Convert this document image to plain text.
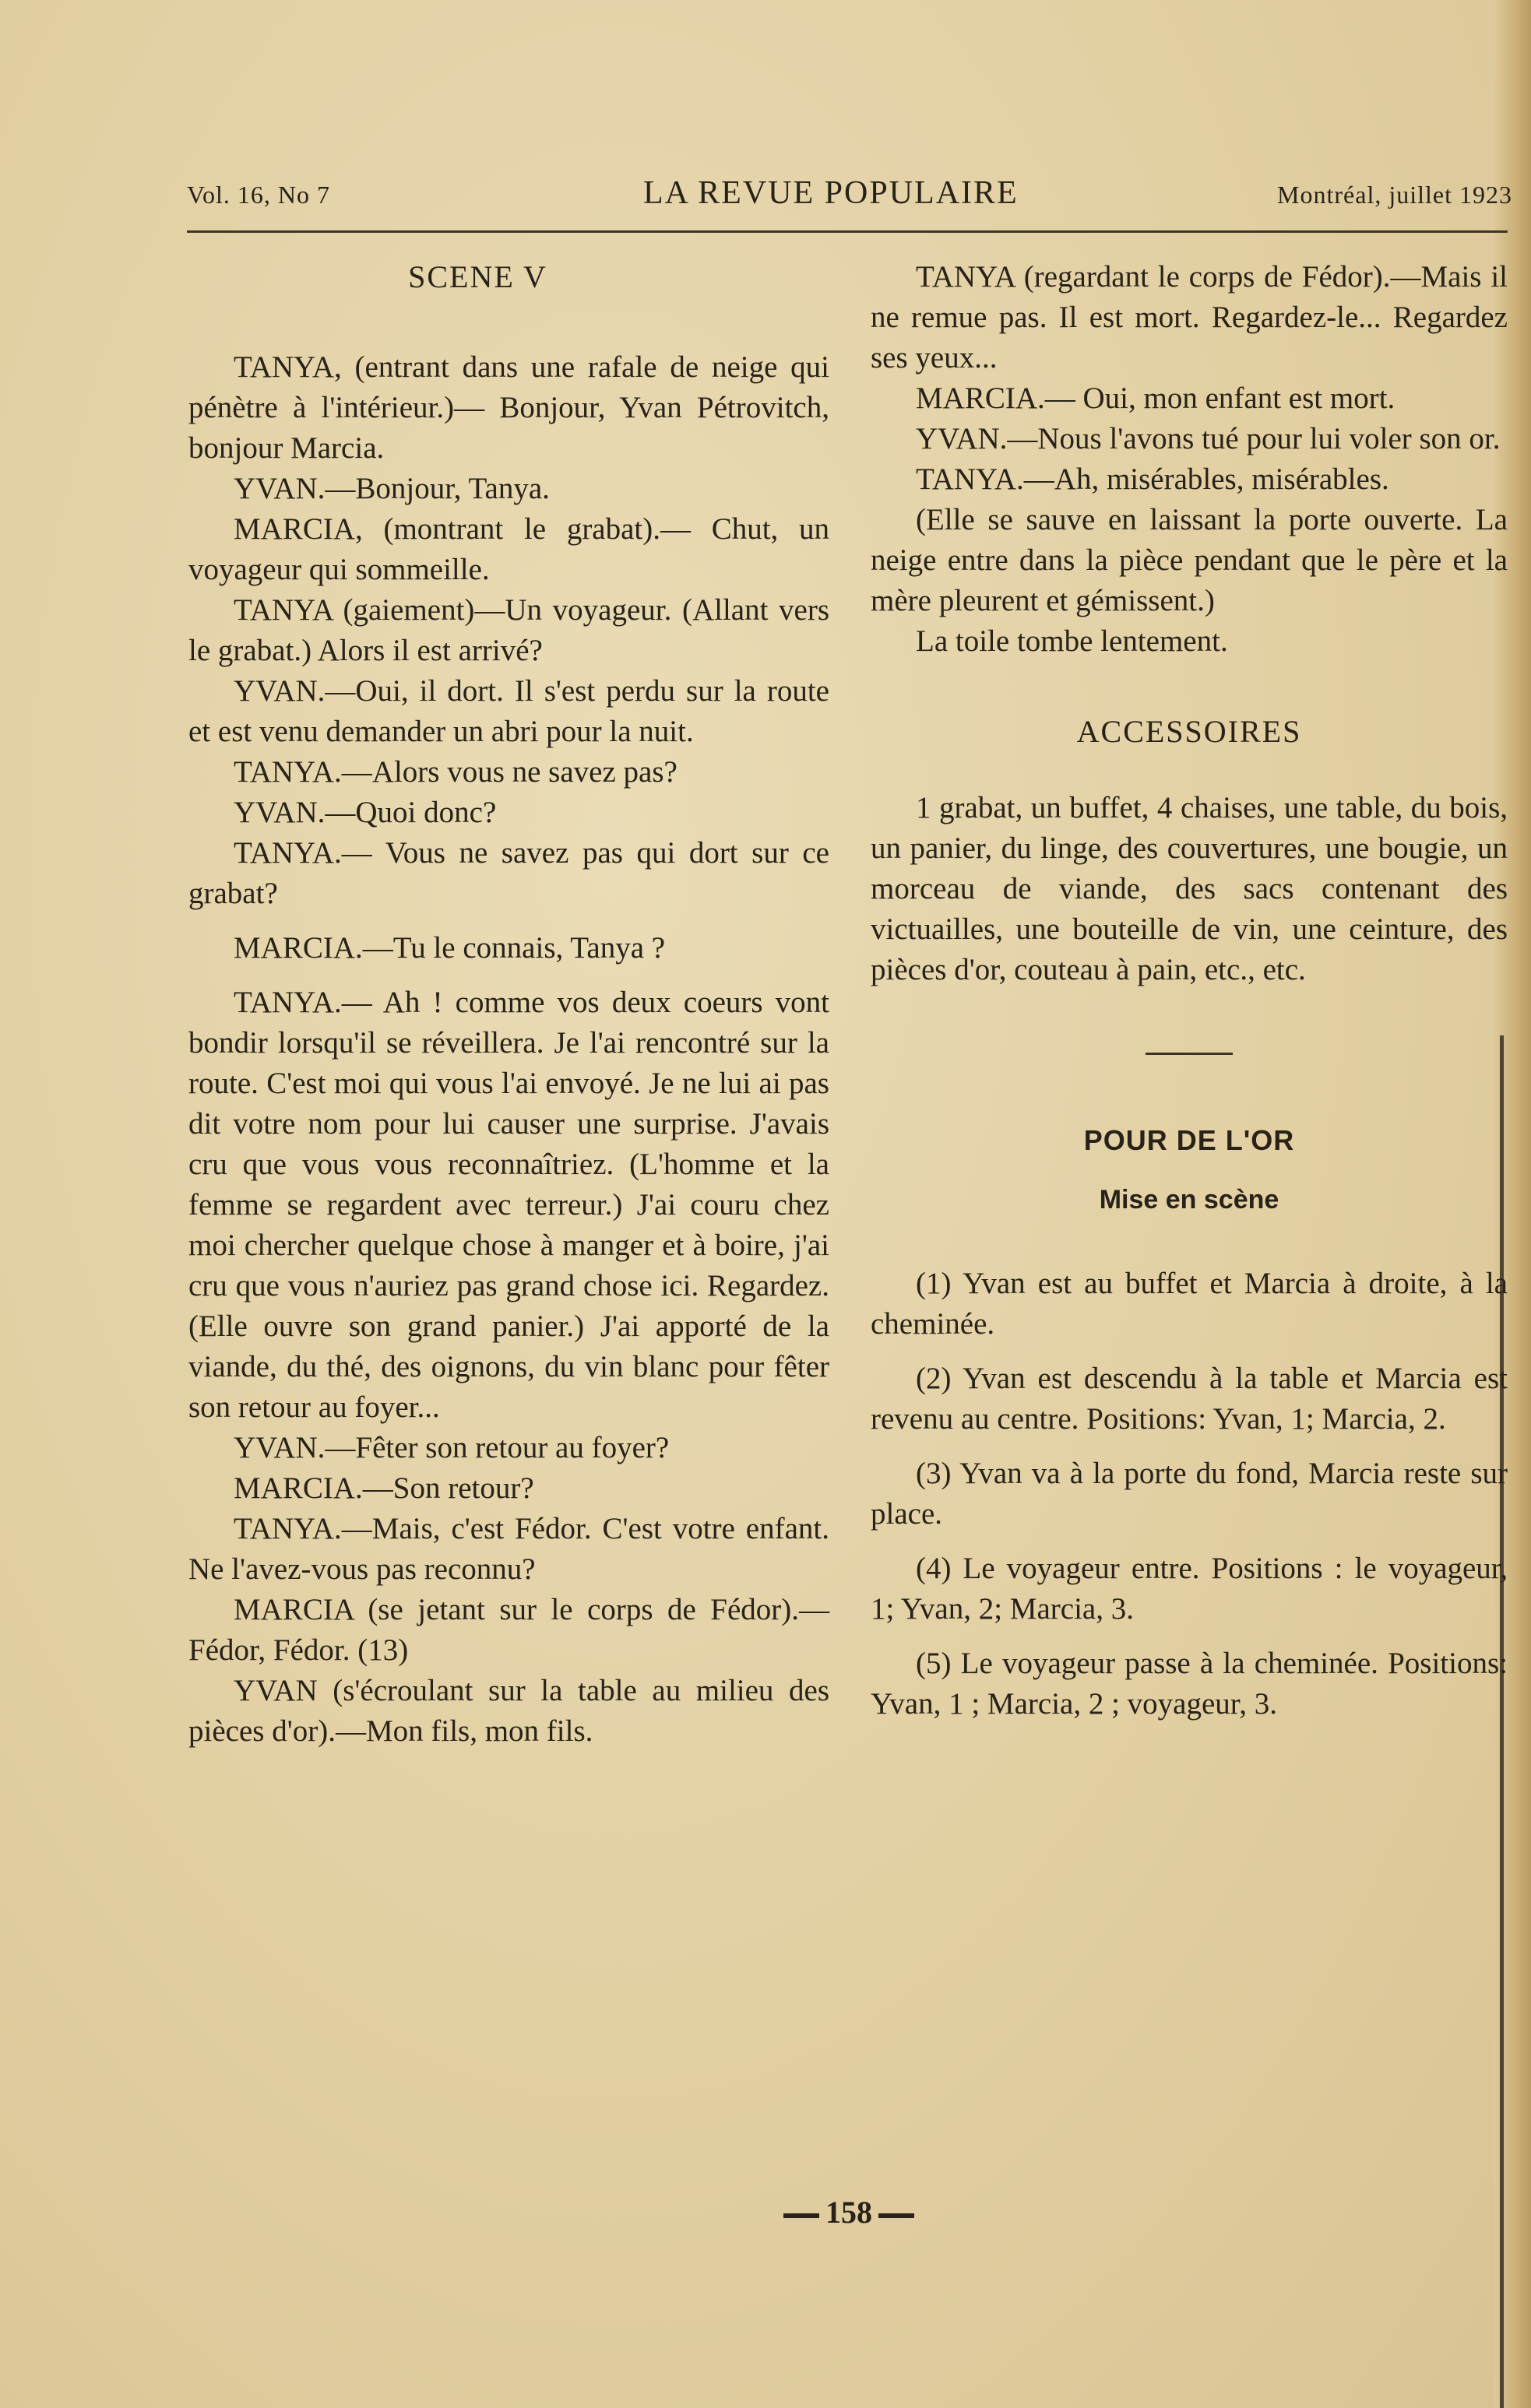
Vol. 16, No 7	LA REVUE POPULAIRE	Montréal, juillet 1923
SCENE V

TANYA, (entrant dans une rafale de neige qui pénètre à l'intérieur.)— Bonjour, Yvan Pétrovitch, bonjour Marcia.

YVAN.—Bonjour, Tanya.

MARCIA, (montrant le grabat).— Chut, un voyageur qui sommeille.

TANYA (gaiement)—Un voyageur. (Allant vers le grabat.) Alors il est arrivé?

YVAN.—Oui, il dort. Il s'est perdu sur la route et est venu demander un abri pour la nuit.

TANYA.—Alors vous ne savez pas?

YVAN.—Quoi donc?

TANYA.— Vous ne savez pas qui dort sur ce grabat?

MARCIA.—Tu le connais, Tanya ?

TANYA.— Ah ! comme vos deux coeurs vont bondir lorsqu'il se réveillera. Je l'ai rencontré sur la route. C'est moi qui vous l'ai envoyé. Je ne lui ai pas dit votre nom pour lui causer une surprise. J'avais cru que vous vous reconnaîtriez. (L'homme et la femme se regardent avec terreur.) J'ai couru chez moi chercher quelque chose à manger et à boire, j'ai cru que vous n'auriez pas grand chose ici. Regardez. (Elle ouvre son grand panier.) J'ai apporté de la viande, du thé, des oignons, du vin blanc pour fêter son retour au foyer...

YVAN.—Fêter son retour au foyer?

MARCIA.—Son retour?

TANYA.—Mais, c'est Fédor. C'est votre enfant. Ne l'avez-vous pas reconnu?

MARCIA (se jetant sur le corps de Fédor).—Fédor, Fédor. (13)

YVAN (s'écroulant sur la table au milieu des pièces d'or).—Mon fils, mon fils.

TANYA (regardant le corps de Fédor).—Mais il ne remue pas. Il est mort. Regardez-le... Regardez ses yeux...

MARCIA.— Oui, mon enfant est mort.

YVAN.—Nous l'avons tué pour lui voler son or.

TANYA.—Ah, misérables, misérables.

(Elle se sauve en laissant la porte ouverte. La neige entre dans la pièce pendant que le père et la mère pleurent et gémissent.)

La toile tombe lentement.

ACCESSOIRES

1 grabat, un buffet, 4 chaises, une table, du bois, un panier, du linge, des couvertures, une bougie, un morceau de viande, des sacs contenant des victuailles, une bouteille de vin, une ceinture, des pièces d'or, couteau à pain, etc., etc.

POUR DE L'OR
Mise en scène

(1) Yvan est au buffet et Marcia à droite, à la cheminée.

(2) Yvan est descendu à la table et Marcia est revenu au centre. Positions: Yvan, 1; Marcia, 2.

(3) Yvan va à la porte du fond, Marcia reste sur place.

(4) Le voyageur entre. Positions : le voyageur, 1; Yvan, 2; Marcia, 3.

(5) Le voyageur passe à la cheminée. Positions: Yvan, 1 ; Marcia, 2 ; voyageur, 3.

158
